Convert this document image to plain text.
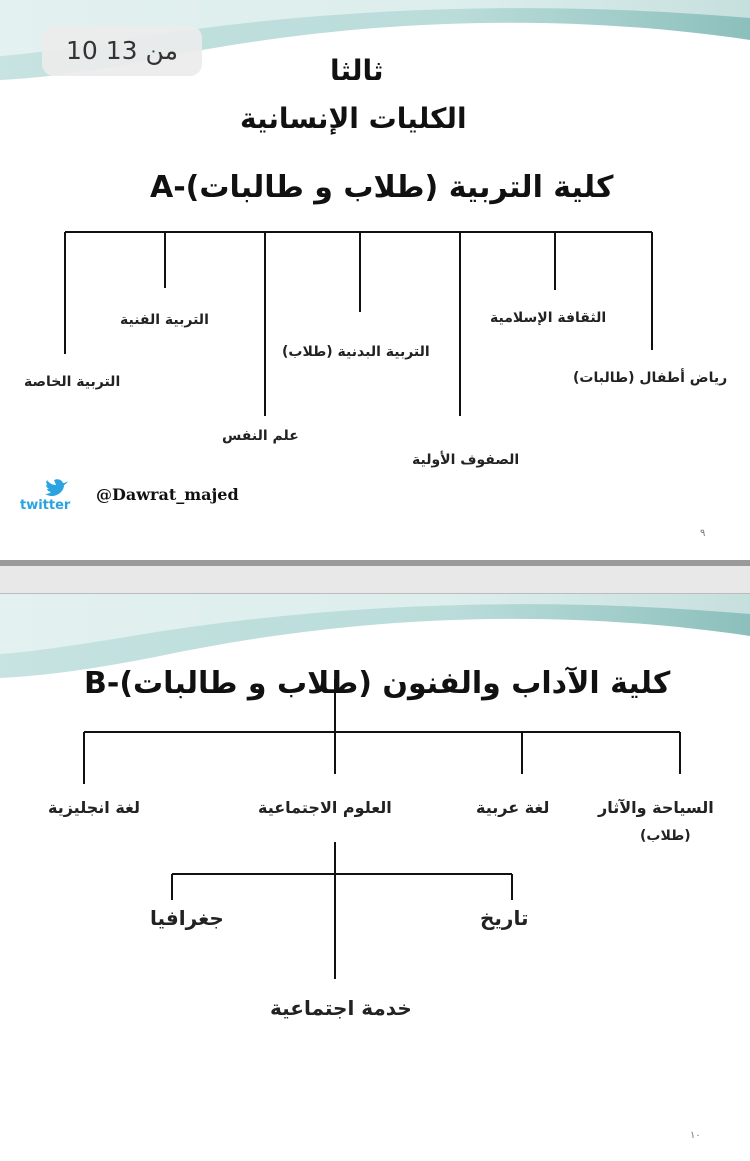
10 من 13
ثالثا
الكليات الإنسانية
A-كلية التربية (طلاب و طالبات)
رياض أطفال (طالبات)
الثقافة الإسلامية
الصفوف الأولية
التربية البدنية (طلاب)
علم النفس
التربية الفنية
التربية الخاصة
twitter
@Dawrat_majed
٩
B-كلية الآداب والفنون (طلاب و طالبات)
السياحة والآثار
(طلاب)
لغة عربية
العلوم الاجتماعية
لغة انجليزية
تاريخ
جغرافيا
خدمة اجتماعية
١٠
